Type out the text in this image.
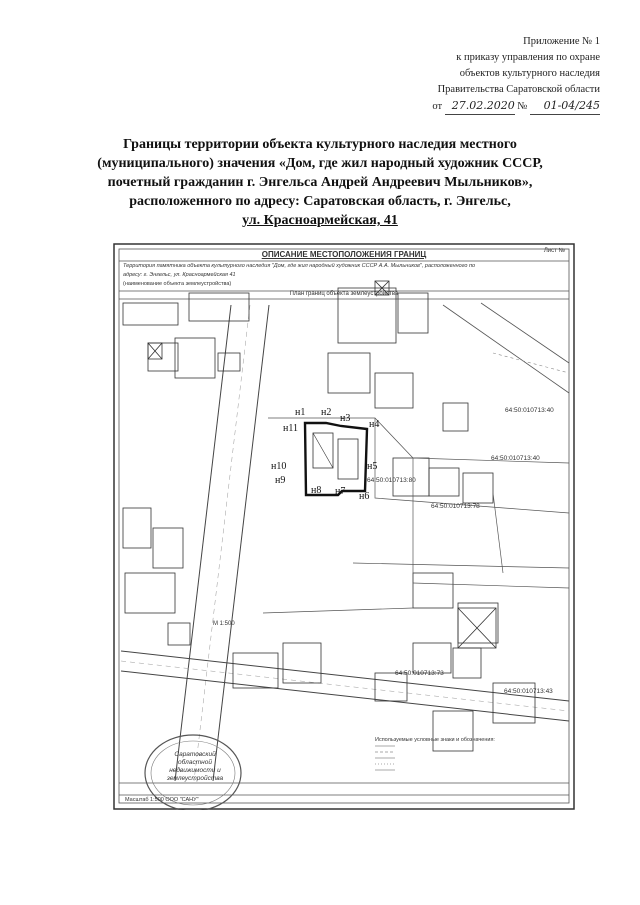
Приложение № 1
к приказу управления по охране
объектов культурного наследия
Правительства Саратовской области
от 27.02.2020 № 01-04/245
Границы территории объекта культурного наследия местного
(муниципального) значения «Дом, где жил народный художник СССР,
почетный гражданин г. Энгельса Андрей Андреевич Мыльников»,
расположенного по адресу: Саратовская область, г. Энгельс,
ул. Красноармейская, 41
Лист №
ОПИСАНИЕ МЕСТОПОЛОЖЕНИЯ ГРАНИЦ
Территория памятника объекта культурного наследия "Дом, где жил народный художник СССР А.А. Мыльников", расположенного по
адресу: г. Энгельс, ул. Красноармейская 41
(наименование объекта землеустройства)
План границ объекта землеустройства
н1 н2
н3
н4
н5
н6
н7
н8
н9
н10
н11
64:50:010713:40
64:50:010713:40
64:50:010713:80
64:50:010713:78
64:50:010713:73
64:50:010713:43
М 1:500
Используемые условные знаки и обозначения:
Масштаб 1:500 ООО "САНУ"
Саратовский
областной
недвижимости и
землеустройства
